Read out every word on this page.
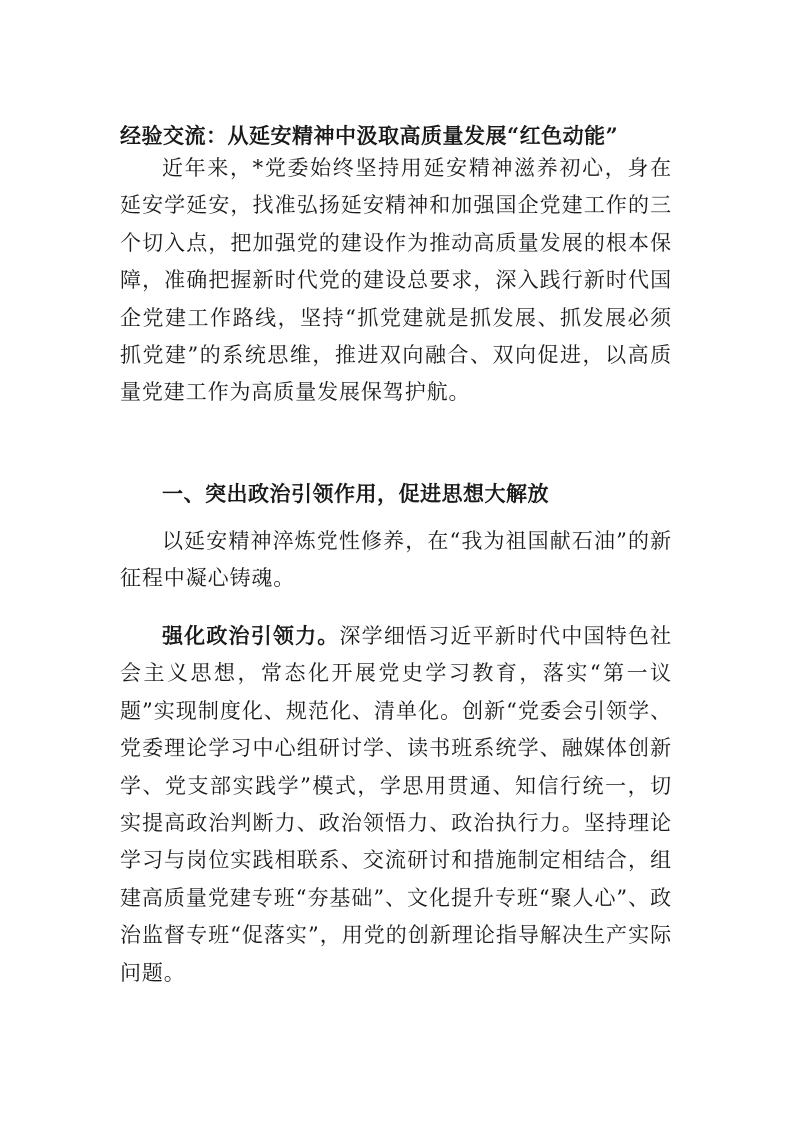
经验交流：从延安精神中汲取高质量发展“红色动能”

近年来，*党委始终坚持用延安精神滋养初心，身在延安学延安，找准弘扬延安精神和加强国企党建工作的三个切入点，把加强党的建设作为推动高质量发展的根本保障，准确把握新时代党的建设总要求，深入践行新时代国企党建工作路线，坚持“抓党建就是抓发展、抓发展必须抓党建”的系统思维，推进双向融合、双向促进，以高质量党建工作为高质量发展保驾护航。

一、突出政治引领作用，促进思想大解放

以延安精神淬炼党性修养，在“我为祖国献石油”的新征程中凝心铸魂。

强化政治引领力。深学细悟习近平新时代中国特色社会主义思想，常态化开展党史学习教育，落实“第一议题”实现制度化、规范化、清单化。创新“党委会引领学、党委理论学习中心组研讨学、读书班系统学、融媒体创新学、党支部实践学”模式，学思用贯通、知信行统一，切实提高政治判断力、政治领悟力、政治执行力。坚持理论学习与岗位实践相联系、交流研讨和措施制定相结合，组建高质量党建专班“夯基础”、文化提升专班“聚人心”、政治监督专班“促落实”，用党的创新理论指导解决生产实际问题。
